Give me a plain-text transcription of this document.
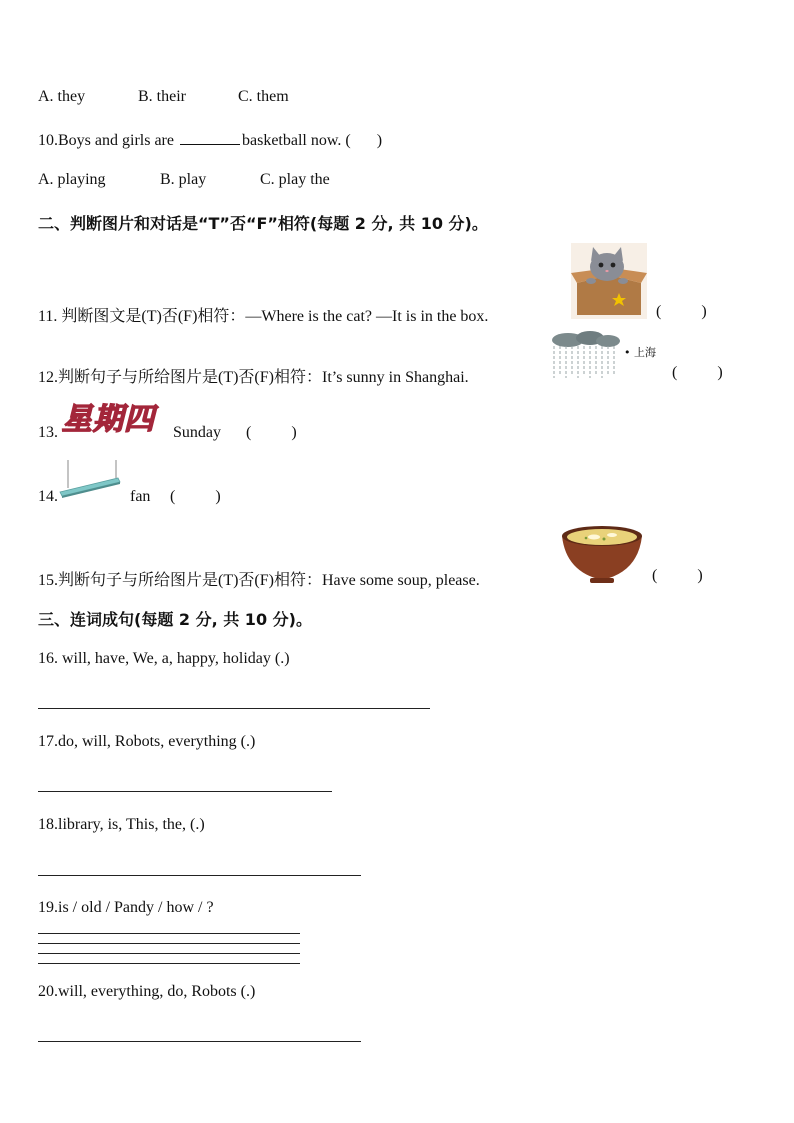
A. they	B. their	C. them
10.Boys and girls are	basketball now. ( )
A. playing	B. play	C. play the
二、判断图片和对话是“T”否“F”相符(每题 2 分, 共 10 分)。
11. 判断图文是(T)否(F)相符：—Where is the cat? —It is in the box.	(          )
• 上海
12.判断句子与所给图片是(T)否(F)相符：It’s sunny in Shanghai.	(          )
13. 星期四 Sunday (          )
14.	fan (          )
15.判断句子与所给图片是(T)否(F)相符：Have some soup, please.	(          )
三、连词成句(每题 2 分, 共 10 分)。
16. will, have, We, a, happy, holiday (.)
17.do, will, Robots, everything (.)
18.library, is, This, the, (.)
19.is / old / Pandy / how / ?
20.will, everything, do, Robots (.)
